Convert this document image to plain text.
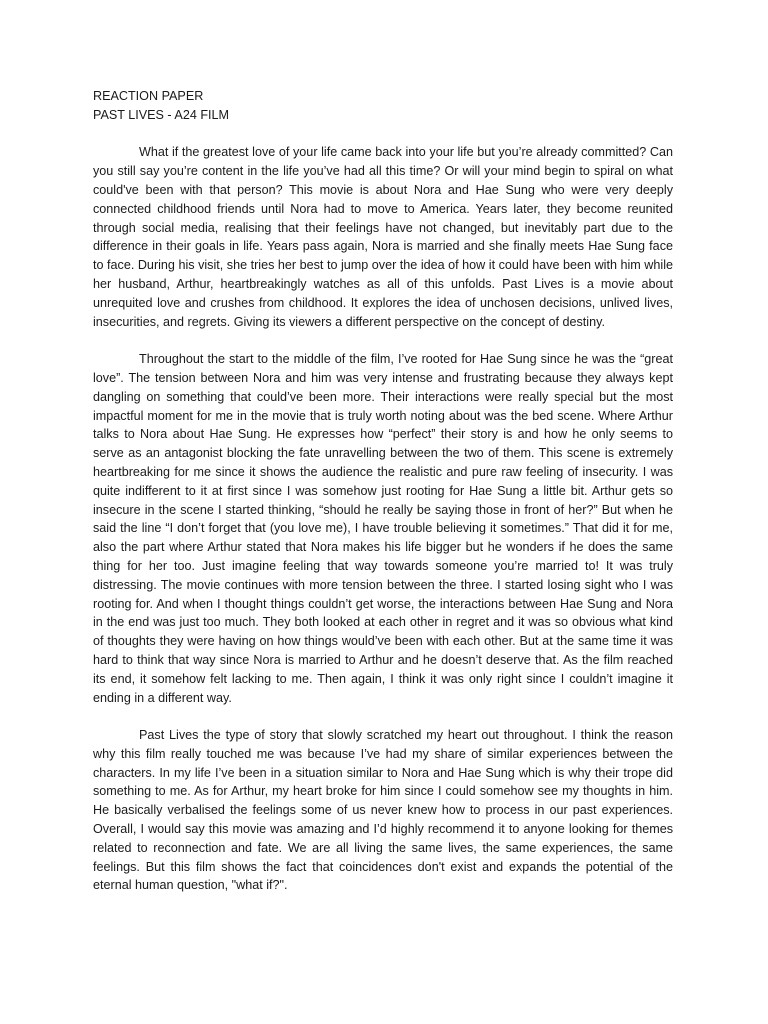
REACTION PAPER

PAST LIVES - A24 FILM

What if the greatest love of your life came back into your life but you’re already committed? Can you still say you’re content in the life you’ve had all this time? Or will your mind begin to spiral on what could've been with that person? This movie is about Nora and Hae Sung who were very deeply connected childhood friends until Nora had to move to America. Years later, they become reunited through social media, realising that their feelings have not changed, but inevitably part due to the difference in their goals in life. Years pass again, Nora is married and she finally meets Hae Sung face to face. During his visit, she tries her best to jump over the idea of how it could have been with him while her husband, Arthur, heartbreakingly watches as all of this unfolds. Past Lives is a movie about unrequited love and crushes from childhood. It explores the idea of unchosen decisions, unlived lives, insecurities, and regrets. Giving its viewers a different perspective on the concept of destiny.

Throughout the start to the middle of the film, I’ve rooted for Hae Sung since he was the “great love”. The tension between Nora and him was very intense and frustrating because they always kept dangling on something that could’ve been more. Their interactions were really special but the most impactful moment for me in the movie that is truly worth noting about was the bed scene. Where Arthur talks to Nora about Hae Sung. He expresses how “perfect” their story is and how he only seems to serve as an antagonist blocking the fate unravelling between the two of them. This scene is extremely heartbreaking for me since it shows the audience the realistic and pure raw feeling of insecurity. I was quite indifferent to it at first since I was somehow just rooting for Hae Sung a little bit. Arthur gets so insecure in the scene I started thinking, “should he really be saying those in front of her?” But when he said the line “I don’t forget that (you love me), I have trouble believing it sometimes.” That did it for me, also the part where Arthur stated that Nora makes his life bigger but he wonders if he does the same thing for her too. Just imagine feeling that way towards someone you’re married to! It was truly distressing. The movie continues with more tension between the three. I started losing sight who I was rooting for. And when I thought things couldn’t get worse, the interactions between Hae Sung and Nora in the end was just too much. They both looked at each other in regret and it was so obvious what kind of thoughts they were having on how things would’ve been with each other. But at the same time it was hard to think that way since Nora is married to Arthur and he doesn’t deserve that. As the film reached its end, it somehow felt lacking to me. Then again, I think it was only right since I couldn’t imagine it ending in a different way.

Past Lives the type of story that slowly scratched my heart out throughout. I think the reason why this film really touched me was because I’ve had my share of similar experiences between the characters. In my life I’ve been in a situation similar to Nora and Hae Sung which is why their trope did something to me. As for Arthur, my heart broke for him since I could somehow see my thoughts in him. He basically verbalised the feelings some of us never knew how to process in our past experiences. Overall, I would say this movie was amazing and I’d highly recommend it to anyone looking for themes related to reconnection and fate. We are all living the same lives, the same experiences, the same feelings. But this film shows the fact that coincidences don't exist and expands the potential of the eternal human question, "what if?".
